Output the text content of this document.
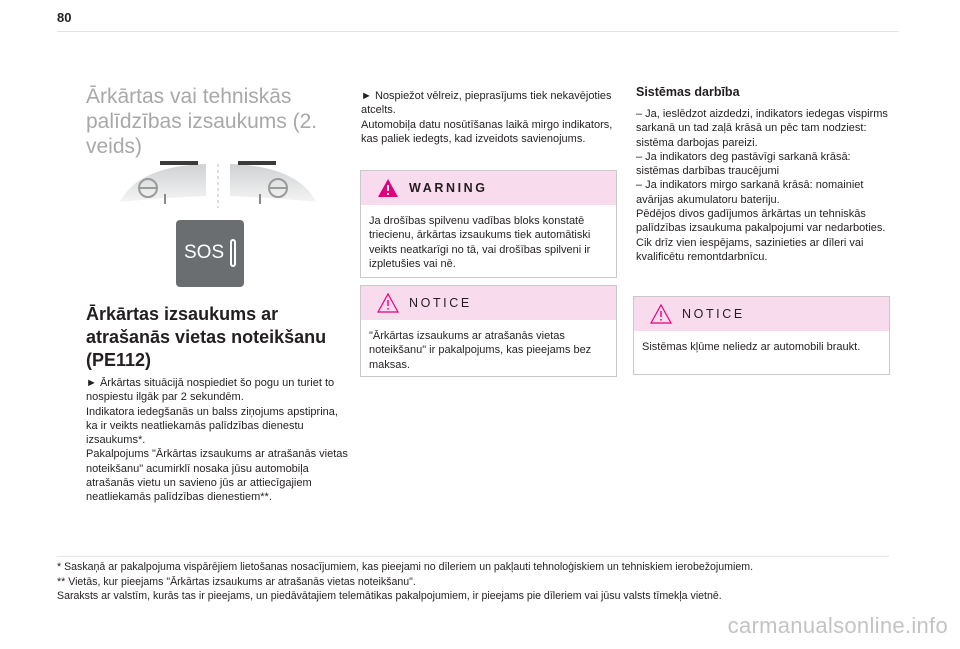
80
Ārkārtas vai tehniskās palīdzības izsaukums (2. veids)
SOS
Ārkārtas izsaukums ar atrašanās vietas noteikšanu (PE112)
► Ārkārtas situācijā nospiediet šo pogu un turiet to nospiestu ilgāk par 2 sekundēm.
Indikatora iedegšanās un balss ziņojums apstiprina, ka ir veikts neatliekamās palīdzības dienestu izsaukums*.
Pakalpojums "Ārkārtas izsaukums ar atrašanās vietas noteikšanu" acumirklī nosaka jūsu automobiļa atrašanās vietu un savieno jūs ar attiecīgajiem neatliekamās palīdzības dienestiem**.
► Nospiežot vēlreiz, pieprasījums tiek nekavējoties atcelts.
Automobiļa datu nosūtīšanas laikā mirgo indikators, kas paliek iedegts, kad izveidots savienojums.
WARNING
Ja drošības spilvenu vadības bloks konstatē triecienu, ārkārtas izsaukums tiek automātiski veikts neatkarīgi no tā, vai drošības spilveni ir izpletušies vai nē.
NOTICE
"Ārkārtas izsaukums ar atrašanās vietas noteikšanu" ir pakalpojums, kas pieejams bez maksas.
Sistēmas darbība
– Ja, ieslēdzot aizdedzi, indikators iedegas vispirms sarkanā un tad zaļā krāsā un pēc tam nodziest: sistēma darbojas pareizi.
– Ja indikators deg pastāvīgi sarkanā krāsā: sistēmas darbības traucējumi
– Ja indikators mirgo sarkanā krāsā: nomainiet avārijas akumulatoru bateriju.
Pēdējos divos gadījumos ārkārtas un tehniskās palīdzības izsaukuma pakalpojumi var nedarboties.
Cik drīz vien iespējams, sazinieties ar dīleri vai kvalificētu remontdarbnīcu.
NOTICE
Sistēmas kļūme neliedz ar automobili braukt.
* Saskaņā ar pakalpojuma vispārējiem lietošanas nosacījumiem, kas pieejami no dīleriem un pakļauti tehnoloģiskiem un tehniskiem ierobežojumiem.
** Vietās, kur pieejams "Ārkārtas izsaukums ar atrašanās vietas noteikšanu".
Saraksts ar valstīm, kurās tas ir pieejams, un piedāvātajiem telemātikas pakalpojumiem, ir pieejams pie dīleriem vai jūsu valsts tīmekļa vietnē.
carmanualsonline.info
